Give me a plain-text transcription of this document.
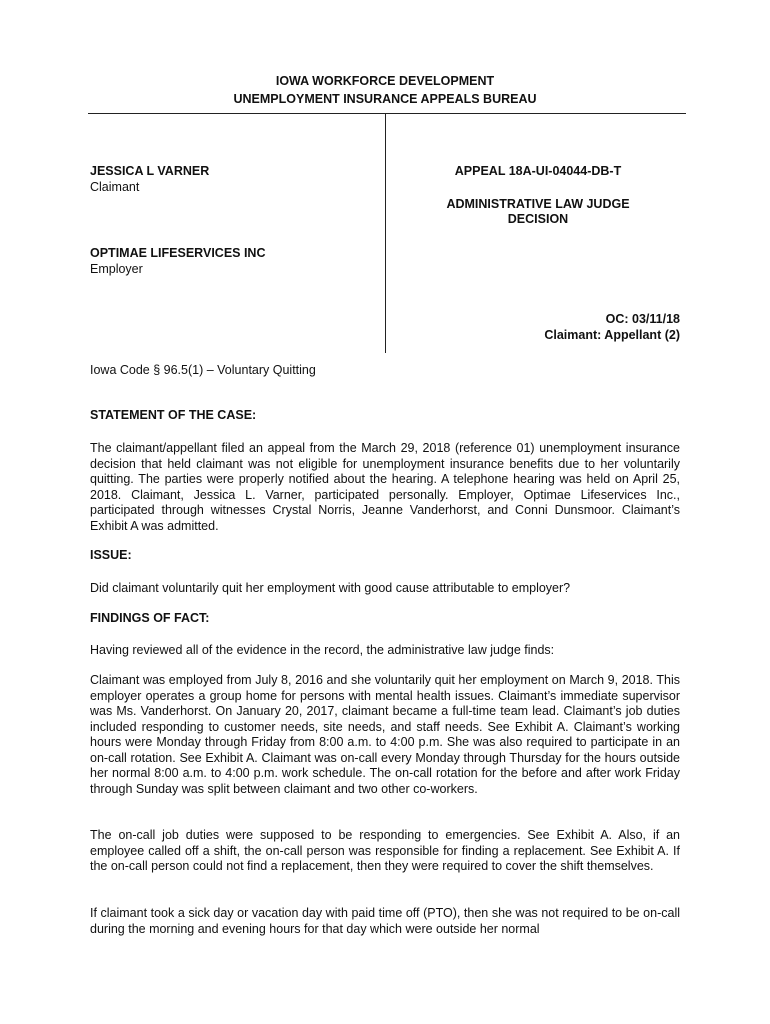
IOWA WORKFORCE DEVELOPMENT
UNEMPLOYMENT INSURANCE APPEALS BUREAU
JESSICA L VARNER
Claimant
OPTIMAE LIFESERVICES INC
Employer
APPEAL 18A-UI-04044-DB-T
ADMINISTRATIVE LAW JUDGE
DECISION
OC: 03/11/18
Claimant: Appellant (2)
Iowa Code § 96.5(1) – Voluntary Quitting
STATEMENT OF THE CASE:

The claimant/appellant filed an appeal from the March 29, 2018 (reference 01) unemployment insurance decision that held claimant was not eligible for unemployment insurance benefits due to her voluntarily quitting. The parties were properly notified about the hearing. A telephone hearing was held on April 25, 2018. Claimant, Jessica L. Varner, participated personally. Employer, Optimae Lifeservices Inc., participated through witnesses Crystal Norris, Jeanne Vanderhorst, and Conni Dunsmoor. Claimant’s Exhibit A was admitted.

ISSUE:

Did claimant voluntarily quit her employment with good cause attributable to employer?

FINDINGS OF FACT:

Having reviewed all of the evidence in the record, the administrative law judge finds:

Claimant was employed from July 8, 2016 and she voluntarily quit her employment on March 9, 2018. This employer operates a group home for persons with mental health issues. Claimant’s immediate supervisor was Ms. Vanderhorst. On January 20, 2017, claimant became a full-time team lead. Claimant’s job duties included responding to customer needs, site needs, and staff needs. See Exhibit A. Claimant’s working hours were Monday through Friday from 8:00 a.m. to 4:00 p.m. She was also required to participate in an on-call rotation. See Exhibit A. Claimant was on-call every Monday through Thursday for the hours outside her normal 8:00 a.m. to 4:00 p.m. work schedule. The on-call rotation for the before and after work Friday through Sunday was split between claimant and two other co-workers.

The on-call job duties were supposed to be responding to emergencies. See Exhibit A. Also, if an employee called off a shift, the on-call person was responsible for finding a replacement. See Exhibit A. If the on-call person could not find a replacement, then they were required to cover the shift themselves.

If claimant took a sick day or vacation day with paid time off (PTO), then she was not required to be on-call during the morning and evening hours for that day which were outside her normal
